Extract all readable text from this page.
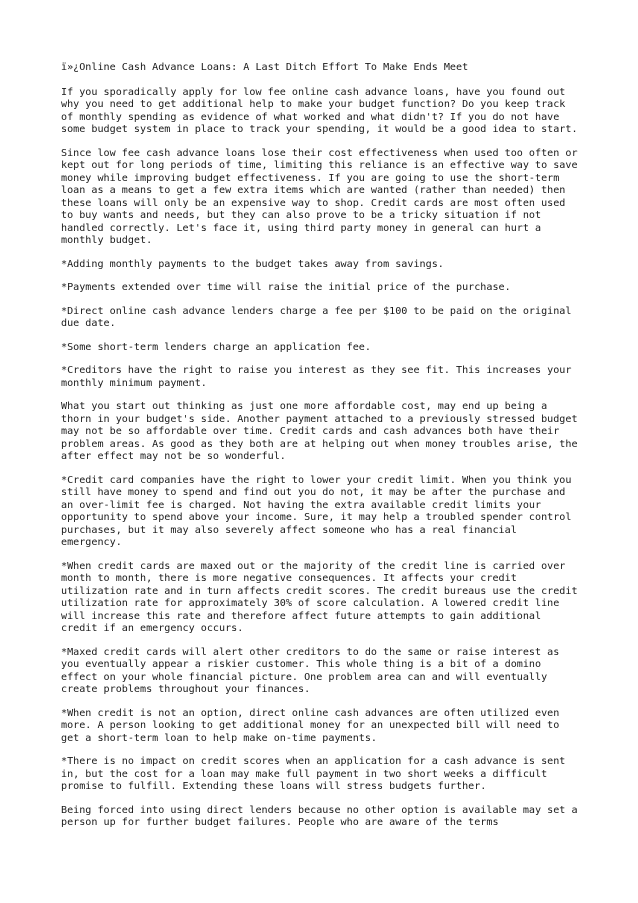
ï»¿Online Cash Advance Loans: A Last Ditch Effort To Make Ends Meet

If you sporadically apply for low fee online cash advance loans, have you found out why you need to get additional help to make your budget function? Do you keep track of monthly spending as evidence of what worked and what didn't? If you do not have some budget system in place to track your spending, it would be a good idea to start.

Since low fee cash advance loans lose their cost effectiveness when used too often or kept out for long periods of time, limiting this reliance is an effective way to save money while improving budget effectiveness. If you are going to use the short-term loan as a means to get a few extra items which are wanted (rather than needed) then these loans will only be an expensive way to shop. Credit cards are most often used to buy wants and needs, but they can also prove to be a tricky situation if not handled correctly. Let's face it, using third party money in general can hurt a monthly budget.

*Adding monthly payments to the budget takes away from savings.

*Payments extended over time will raise the initial price of the purchase.

*Direct online cash advance lenders charge a fee per $100 to be paid on the original due date.

*Some short-term lenders charge an application fee.

*Creditors have the right to raise you interest as they see fit. This increases your monthly minimum payment.

What you start out thinking as just one more affordable cost, may end up being a thorn in your budget's side. Another payment attached to a previously stressed budget may not be so affordable over time. Credit cards and cash advances both have their problem areas. As good as they both are at helping out when money troubles arise, the after effect may not be so wonderful.

*Credit card companies have the right to lower your credit limit. When you think you still have money to spend and find out you do not, it may be after the purchase and an over-limit fee is charged. Not having the extra available credit limits your opportunity to spend above your income. Sure, it may help a troubled spender control purchases, but it may also severely affect someone who has a real financial emergency.

*When credit cards are maxed out or the majority of the credit line is carried over month to month, there is more negative consequences. It affects your credit utilization rate and in turn affects credit scores. The credit bureaus use the credit utilization rate for approximately 30% of score calculation. A lowered credit line will increase this rate and therefore affect future attempts to gain additional credit if an emergency occurs.

*Maxed credit cards will alert other creditors to do the same or raise interest as you eventually appear a riskier customer. This whole thing is a bit of a domino effect on your whole financial picture. One problem area can and will eventually create problems throughout your finances.

*When credit is not an option, direct online cash advances are often utilized even more. A person looking to get additional money for an unexpected bill will need to get a short-term loan to help make on-time payments.

*There is no impact on credit scores when an application for a cash advance is sent in, but the cost for a loan may make full payment in two short weeks a difficult promise to fulfill. Extending these loans will stress budgets further.

Being forced into using direct lenders because no other option is available may set a person up for further budget failures. People who are aware of the terms
